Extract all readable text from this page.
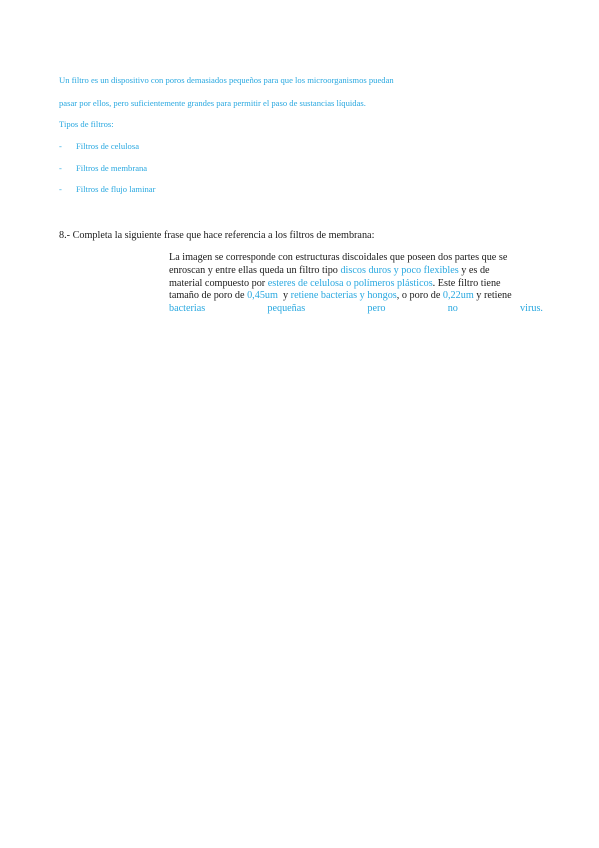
Un filtro es un dispositivo con poros demasiados pequeños para que los microorganismos puedan
pasar por ellos, pero suficientemente grandes para permitir el paso de sustancias líquidas.
Tipos de filtros:
- Filtros de celulosa
- Filtros de membrana
- Filtros de flujo laminar
8.- Completa la siguiente frase que hace referencia a los filtros de membrana:
La imagen se corresponde con estructuras discoidales que poseen dos partes que se
enroscan y entre ellas queda un filtro tipo discos duros y poco flexibles y es de
material compuesto por esteres de celulosa o polímeros plásticos. Este filtro tiene
tamaño de poro de 0,45um  y retiene bacterias y hongos, o poro de 0,22um y retiene
bacterias	pequeñas	pero	no	virus.
